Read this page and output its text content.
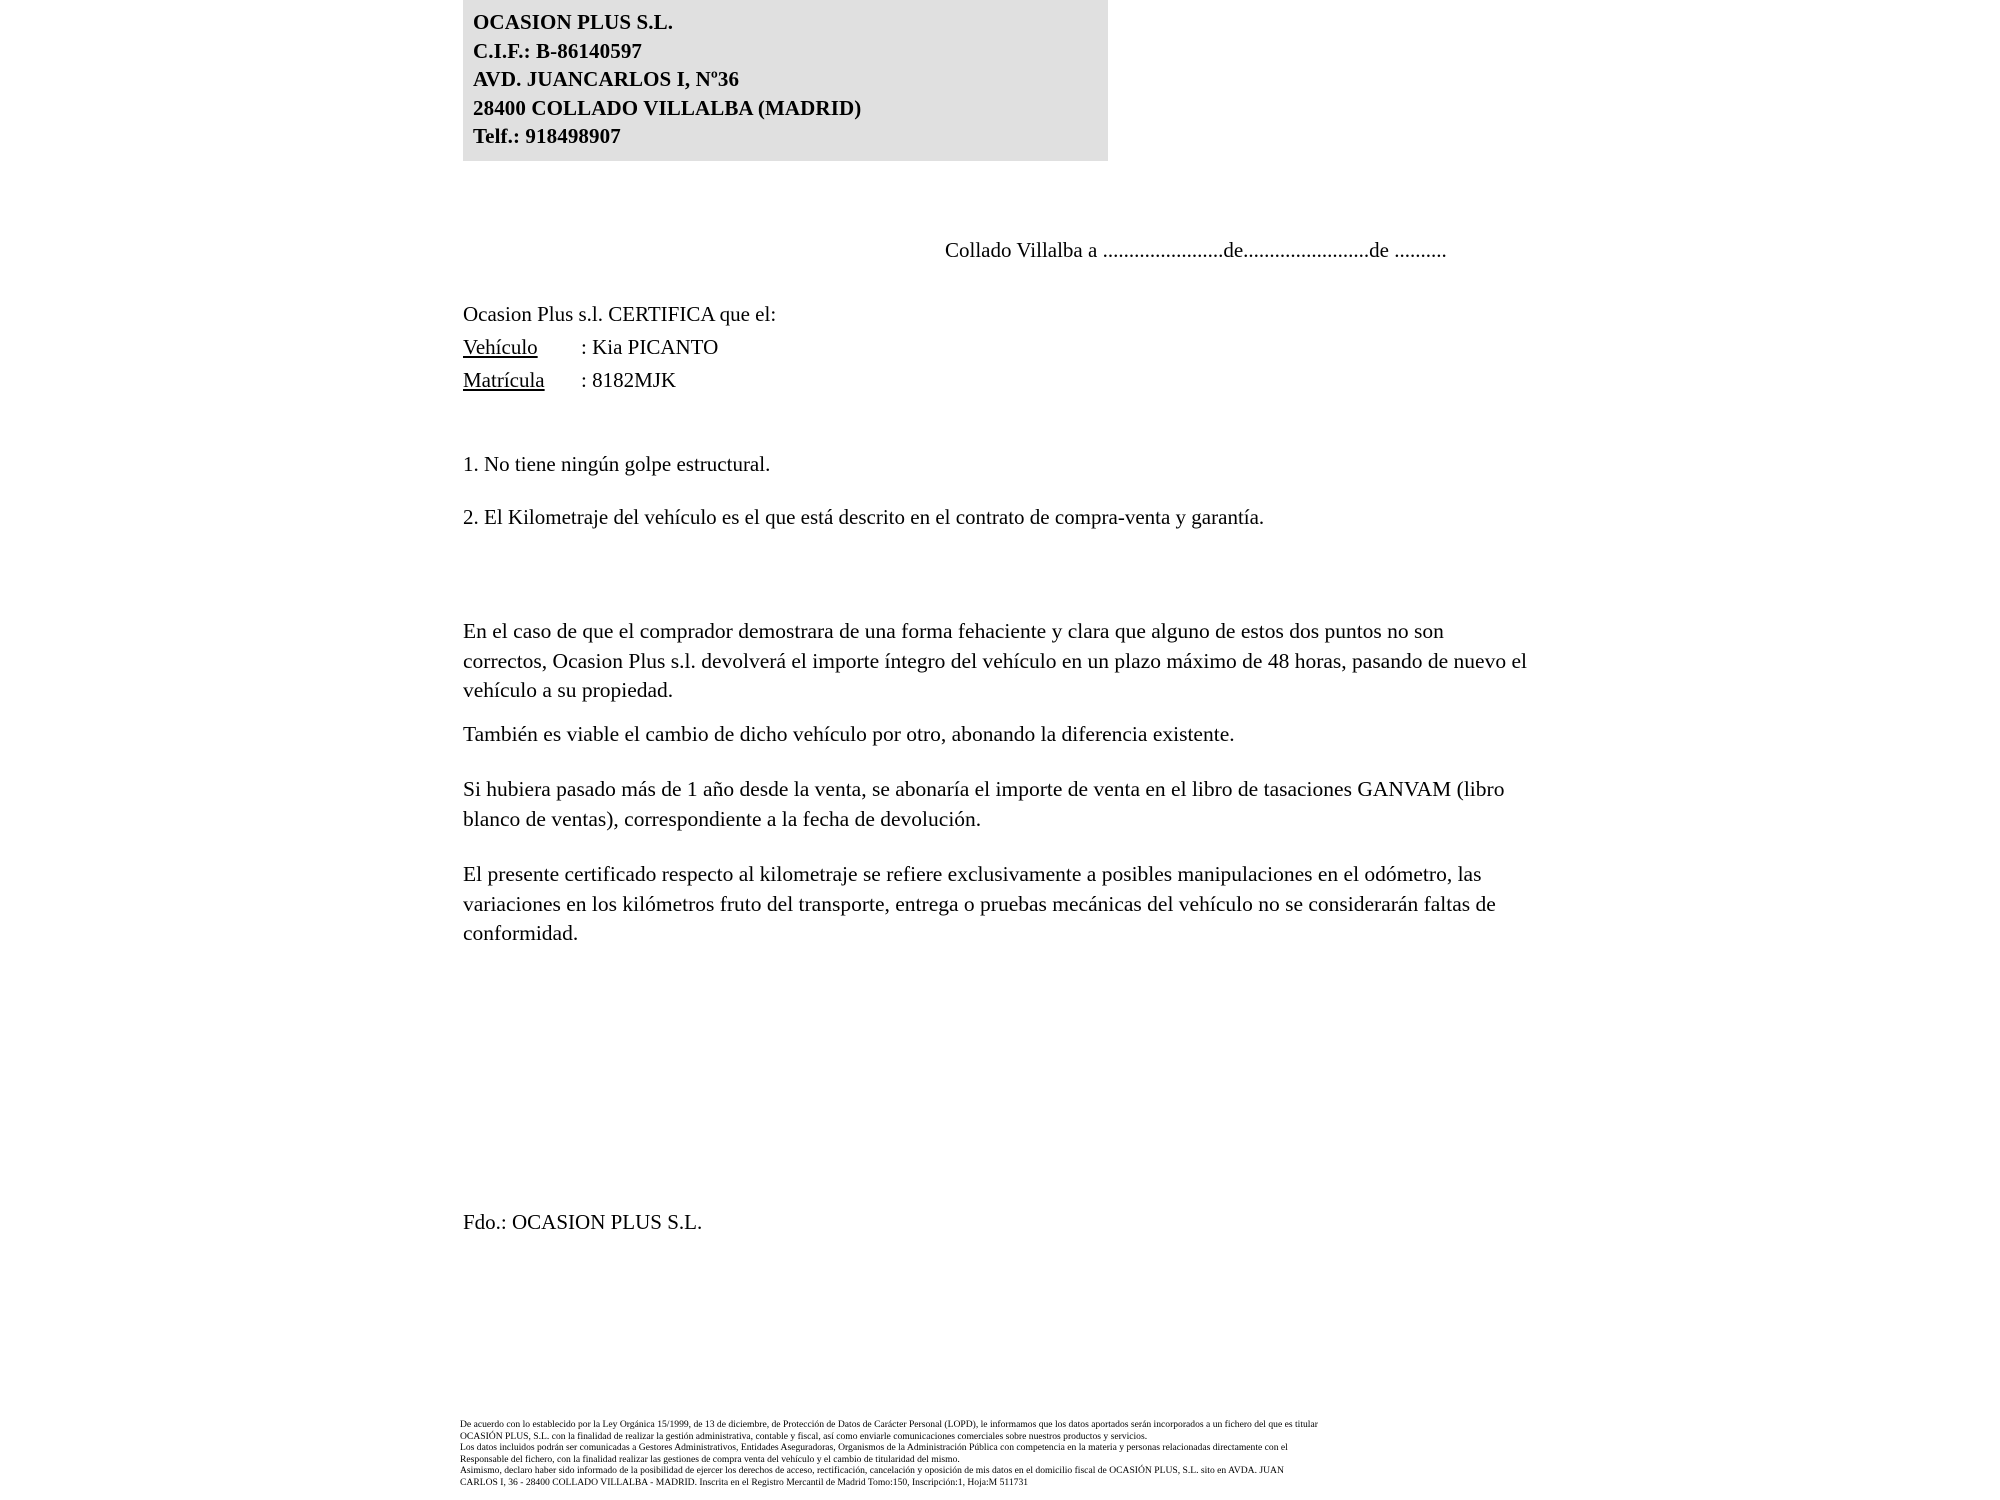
OCASION PLUS S.L.
C.I.F.: B-86140597
AVD. JUANCARLOS I, Nº36
28400 COLLADO VILLALBA (MADRID)
Telf.: 918498907
Collado Villalba a .......................de........................de ..........
Ocasion Plus s.l. CERTIFICA que el:
Vehículo : Kia PICANTO
Matrícula : 8182MJK
1. No tiene ningún golpe estructural.
2. El Kilometraje del vehículo es el que está descrito en el contrato de compra-venta y garantía.
En el caso de que el comprador demostrara de una forma fehaciente y clara que alguno de estos dos puntos no son correctos, Ocasion Plus s.l. devolverá el importe íntegro del vehículo en un plazo máximo de 48 horas, pasando de nuevo el vehículo a su propiedad.
También es viable el cambio de dicho vehículo por otro, abonando la diferencia existente.
Si hubiera pasado más de 1 año desde la venta, se abonaría el importe de venta en el libro de tasaciones GANVAM (libro blanco de ventas), correspondiente a la fecha de devolución.
El presente certificado respecto al kilometraje se refiere exclusivamente a posibles manipulaciones en el odómetro, las variaciones en los kilómetros fruto del transporte, entrega o pruebas mecánicas del vehículo no se considerarán faltas de conformidad.
Fdo.: OCASION PLUS S.L.
De acuerdo con lo establecido por la Ley Orgánica 15/1999, de 13 de diciembre, de Protección de Datos de Carácter Personal (LOPD), le informamos que los datos aportados serán incorporados a un fichero del que es titular
OCASIÓN PLUS, S.L. con la finalidad de realizar la gestión administrativa, contable y fiscal, así como enviarle comunicaciones comerciales sobre nuestros productos y servicios.
Los datos incluidos podrán ser comunicadas a Gestores Administrativos, Entidades Aseguradoras, Organismos de la Administración Pública con competencia en la materia y personas relacionadas directamente con el
Responsable del fichero, con la finalidad realizar las gestiones de compra venta del vehículo y el cambio de titularidad del mismo.
Asimismo, declaro haber sido informado de la posibilidad de ejercer los derechos de acceso, rectificación, cancelación y oposición de mis datos en el domicilio fiscal de OCASIÓN PLUS, S.L. sito en AVDA. JUAN
CARLOS I, 36 - 28400 COLLADO VILLALBA - MADRID. Inscrita en el Registro Mercantil de Madrid Tomo:150, Inscripción:1, Hoja:M 511731
